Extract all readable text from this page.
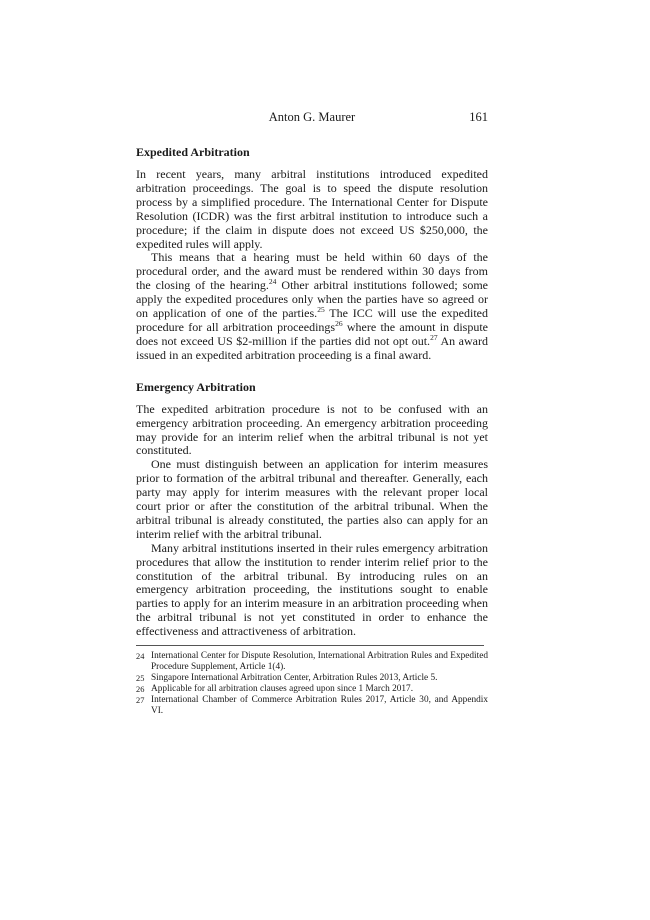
Anton G. Maurer	161
Expedited Arbitration

In recent years, many arbitral institutions introduced expedited arbitration proceedings. The goal is to speed the dispute resolution process by a simplified procedure. The International Center for Dispute Resolution (ICDR) was the first arbitral institution to introduce such a procedure; if the claim in dispute does not exceed US $250,000, the expedited rules will apply.

This means that a hearing must be held within 60 days of the procedural order, and the award must be rendered within 30 days from the closing of the hearing.$^{24}$ Other arbitral institutions followed; some apply the expedited procedures only when the parties have so agreed or on application of one of the parties.$^{25}$ The ICC will use the expedited procedure for all arbitration proceedings$^{26}$ where the amount in dispute does not exceed US $2-million if the parties did not opt out.$^{27}$ An award issued in an expedited arbitration proceeding is a final award.

Emergency Arbitration

The expedited arbitration procedure is not to be confused with an emergency arbitration proceeding. An emergency arbitration proceeding may provide for an interim relief when the arbitral tribunal is not yet constituted.

One must distinguish between an application for interim measures prior to formation of the arbitral tribunal and thereafter. Generally, each party may apply for interim measures with the relevant proper local court prior or after the constitution of the arbitral tribunal. When the arbitral tribunal is already constituted, the parties also can apply for an interim relief with the arbitral tribunal.

Many arbitral institutions inserted in their rules emergency arbitration procedures that allow the institution to render interim relief prior to the constitution of the arbitral tribunal. By introducing rules on an emergency arbitration proceeding, the institutions sought to enable parties to apply for an interim measure in an arbitration proceeding when the arbitral tribunal is not yet constituted in order to enhance the effectiveness and attractiveness of arbitration.

24 International Center for Dispute Resolution, International Arbitration Rules and Expedited Procedure Supplement, Article 1(4).
25 Singapore International Arbitration Center, Arbitration Rules 2013, Article 5.
26 Applicable for all arbitration clauses agreed upon since 1 March 2017.
27 International Chamber of Commerce Arbitration Rules 2017, Article 30, and Appendix VI.
